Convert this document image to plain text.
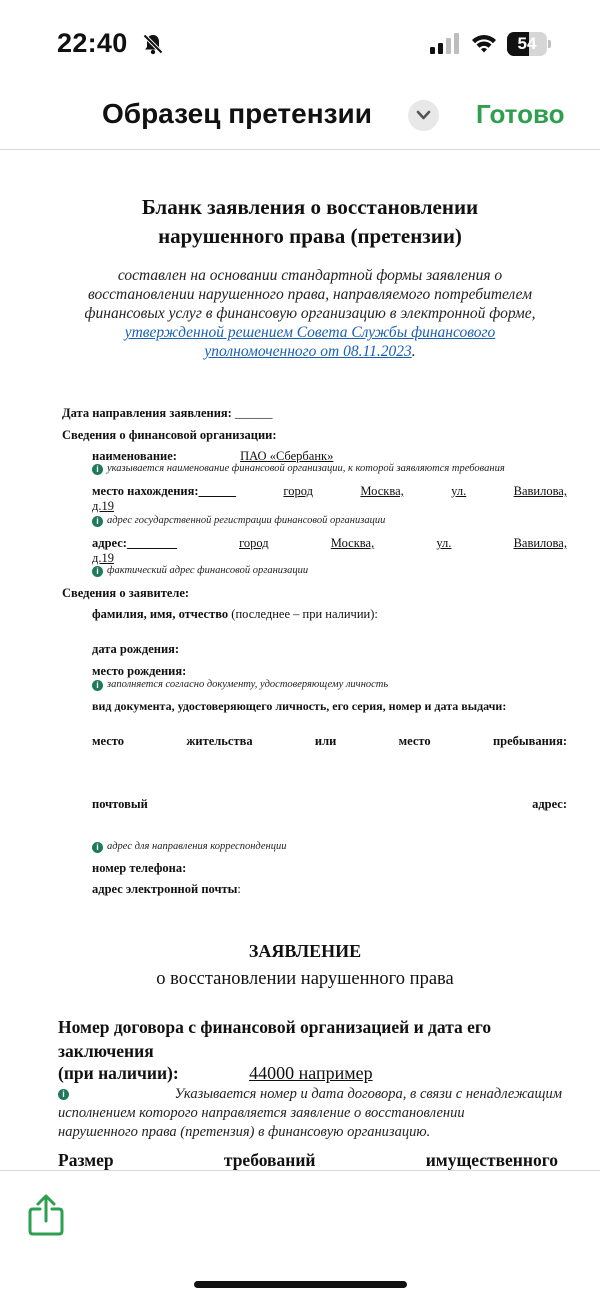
22:40	54
Образец претензии	Готово
Бланк заявления о восстановлении
нарушенного права (претензии)
составлен на основании стандартной формы заявления о
восстановлении нарушенного права, направляемого потребителем
финансовых услуг в финансовую организацию в электронной форме,
утвержденной решением Совета Службы финансового
уполномоченного от 08.11.2023.
Дата направления заявления: ______
Сведения о финансовой организации:
наименование:	ПАО «Сбербанк»
i указывается наименование финансовой организации, к которой заявляются требования
место нахождения:______	город	Москва,	ул.	Вавилова,
д.19
i адрес государственной регистрации финансовой организации
адрес:________	город	Москва,	ул.	Вавилова,
д.19
i фактический адрес финансовой организации
Сведения о заявителе:
фамилия, имя, отчество (последнее – при наличии):
дата рождения:
место рождения:
i заполняется согласно документу, удостоверяющему личность
вид документа, удостоверяющего личность, его серия, номер и дата выдачи:
место	жительства	или	место	пребывания:
почтовый	адрес:
i адрес для направления корреспонденции
номер телефона:
адрес электронной почты:
ЗАЯВЛЕНИЕ
о восстановлении нарушенного права
Номер договора с финансовой организацией и дата его
заключения
(при наличии):	44000 например
i	Указывается номер и дата договора, в связи с ненадлежащим
исполнением которого направляется заявление о восстановлении
нарушенного права (претензия) в финансовую организацию.
Размер	требований	имущественного
